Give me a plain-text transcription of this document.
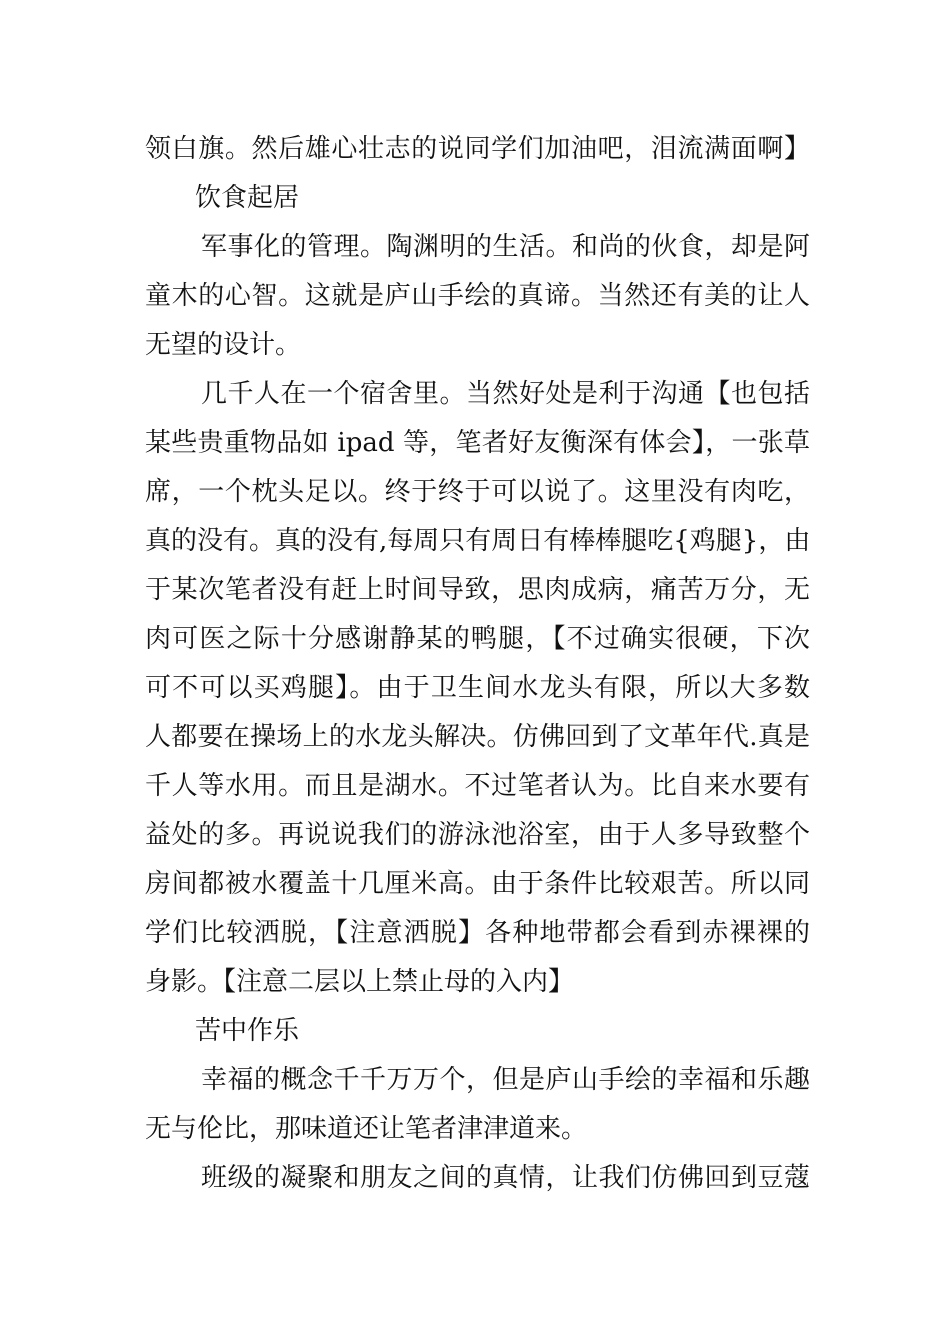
领白旗。然后雄心壮志的说同学们加油吧，泪流满面啊】
饮食起居
军事化的管理。陶渊明的生活。和尚的伙食，却是阿
童木的心智。这就是庐山手绘的真谛。当然还有美的让人
无望的设计。
几千人在一个宿舍里。当然好处是利于沟通【也包括
某些贵重物品如 ipad 等，笔者好友衡深有体会】，一张草
席，一个枕头足以。终于终于可以说了。这里没有肉吃，
真的没有。真的没有,每周只有周日有棒棒腿吃{鸡腿}，由
于某次笔者没有赶上时间导致，思肉成病，痛苦万分，无
肉可医之际十分感谢静某的鸭腿，【不过确实很硬，下次
可不可以买鸡腿】。由于卫生间水龙头有限，所以大多数
人都要在操场上的水龙头解决。仿佛回到了文革年代.真是
千人等水用。而且是湖水。不过笔者认为。比自来水要有
益处的多。再说说我们的游泳池浴室，由于人多导致整个
房间都被水覆盖十几厘米高。由于条件比较艰苦。所以同
学们比较洒脱，【注意洒脱】各种地带都会看到赤裸裸的
身影。【注意二层以上禁止母的入内】
苦中作乐
幸福的概念千千万万个，但是庐山手绘的幸福和乐趣
无与伦比，那味道还让笔者津津道来。
班级的凝聚和朋友之间的真情，让我们仿佛回到豆蔻
